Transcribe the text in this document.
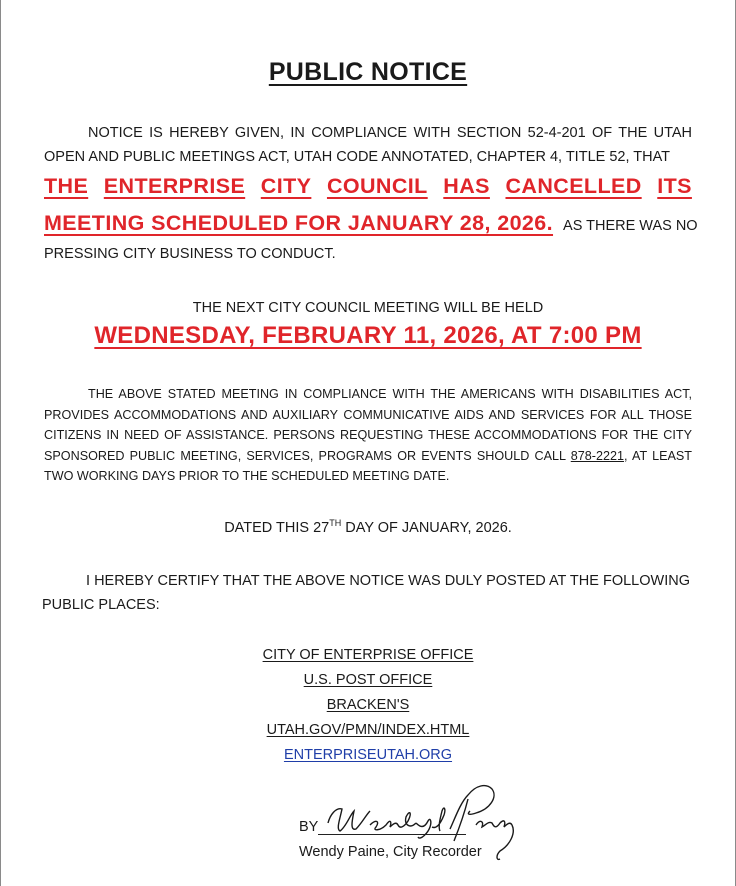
PUBLIC NOTICE
NOTICE IS HEREBY GIVEN, IN COMPLIANCE WITH SECTION 52-4-201 OF THE UTAH OPEN AND PUBLIC MEETINGS ACT, UTAH CODE ANNOTATED, CHAPTER 4, TITLE 52, THAT
THE ENTERPRISE CITY COUNCIL HAS CANCELLED ITS
MEETING SCHEDULED FOR JANUARY 28, 2026. AS THERE WAS NO
PRESSING CITY BUSINESS TO CONDUCT.
THE NEXT CITY COUNCIL MEETING WILL BE HELD
WEDNESDAY, FEBRUARY 11, 2026, AT 7:00 PM
THE ABOVE STATED MEETING IN COMPLIANCE WITH THE AMERICANS WITH DISABILITIES ACT, PROVIDES ACCOMMODATIONS AND AUXILIARY COMMUNICATIVE AIDS AND SERVICES FOR ALL THOSE CITIZENS IN NEED OF ASSISTANCE. PERSONS REQUESTING THESE ACCOMMODATIONS FOR THE CITY SPONSORED PUBLIC MEETING, SERVICES, PROGRAMS OR EVENTS SHOULD CALL 878-2221, AT LEAST TWO WORKING DAYS PRIOR TO THE SCHEDULED MEETING DATE.
DATED THIS 27TH DAY OF JANUARY, 2026.
I HEREBY CERTIFY THAT THE ABOVE NOTICE WAS DULY POSTED AT THE FOLLOWING PUBLIC PLACES:
CITY OF ENTERPRISE OFFICE
U.S. POST OFFICE
BRACKEN'S
UTAH.GOV/PMN/INDEX.HTML
ENTERPRISEUTAH.ORG
BY
Wendy Paine, City Recorder
